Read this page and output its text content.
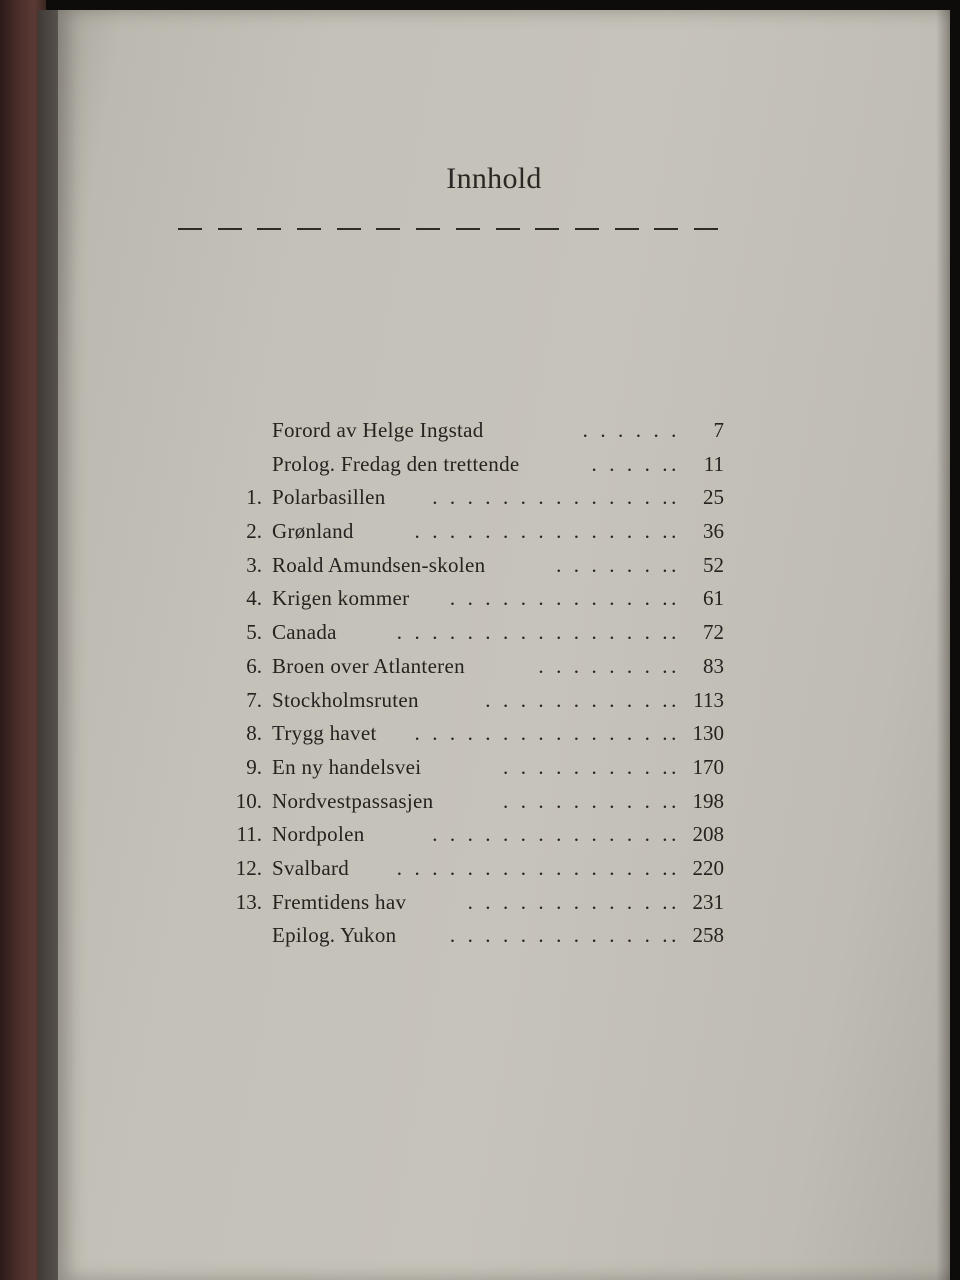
Innhold
Forord av Helge Ingstad	. . . . . .	7
Prolog. Fredag den trettende	. . . . ..	11
1. Polarbasillen . . . . . . . . . . . . . ..	25
2. Grønland	. . . . . . . . . . . . . . ..	36
3. Roald Amundsen-skolen	. . . . . . ..	52
4. Krigen kommer . . . . . . . . . . . . ..	61
5. Canada	. . . . . . . . . . . . . . . ..	72
6. Broen over Atlanteren	. . . . . . . ..	83
7. Stockholmsruten	. . . . . . . . . . .. 113
8. Trygg havet . . . . . . . . . . . . . . .. 130
9. En ny handelsvei	. . . . . . . . . .. 170
10. Nordvestpassasjen	. . . . . . . . . .. 198
11. Nordpolen	. . . . . . . . . . . . . .. 208
12. Svalbard . . . . . . . . . . . . . . . .. 220
13. Fremtidens hav	. . . . . . . . . . . .. 231
Epilog. Yukon	. . . . . . . . . . . . .. 258
